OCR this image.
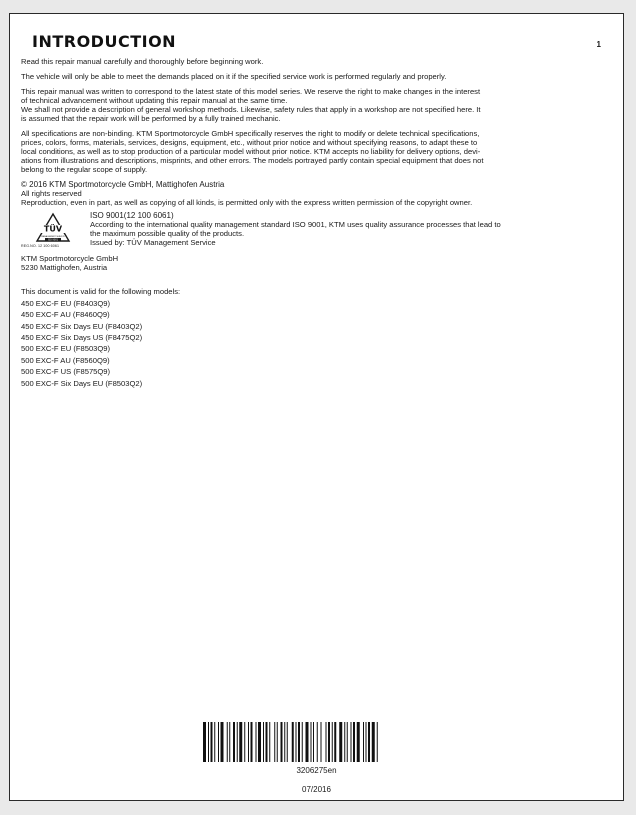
INTRODUCTION	1

Read this repair manual carefully and thoroughly before beginning work.

The vehicle will only be able to meet the demands placed on it if the specified service work is performed regularly and properly.

This repair manual was written to correspond to the latest state of this model series. We reserve the right to make changes in the interest
of technical advancement without updating this repair manual at the same time.
We shall not provide a description of general workshop methods. Likewise, safety rules that apply in a workshop are not specified here. It
is assumed that the repair work will be performed by a fully trained mechanic.

All specifications are non-binding. KTM Sportmotorcycle GmbH specifically reserves the right to modify or delete technical specifications,
prices, colors, forms, materials, services, designs, equipment, etc., without prior notice and without specifying reasons, to adapt these to
local conditions, as well as to stop production of a particular model without prior notice. KTM accepts no liability for delivery options, devi-
ations from illustrations and descriptions, misprints, and other errors. The models portrayed partly contain special equipment that does not
belong to the regular scope of supply.

© 2016 KTM Sportmotorcycle GmbH, Mattighofen Austria
All rights reserved
Reproduction, even in part, as well as copying of all kinds, is permitted only with the express written permission of the copyright owner.

TÜV
MANAGEMENT SERVICE
ISO 9001
REG.NO. 12 100 6061
ISO 9001(12 100 6061)
According to the international quality management standard ISO 9001, KTM uses quality assurance processes that lead to
the maximum possible quality of the products.
Issued by: TÜV Management Service
KTM Sportmotorcycle GmbH
5230 Mattighofen, Austria
This document is valid for the following models:
450 EXC-F EU (F8403Q9)
450 EXC-F AU (F8460Q9)
450 EXC-F Six Days EU (F8403Q2)
450 EXC-F Six Days US (F8475Q2)
500 EXC-F EU (F8503Q9)
500 EXC-F AU (F8560Q9)
500 EXC-F US (F8575Q9)
500 EXC-F Six Days EU (F8503Q2)
3206275en
07/2016
